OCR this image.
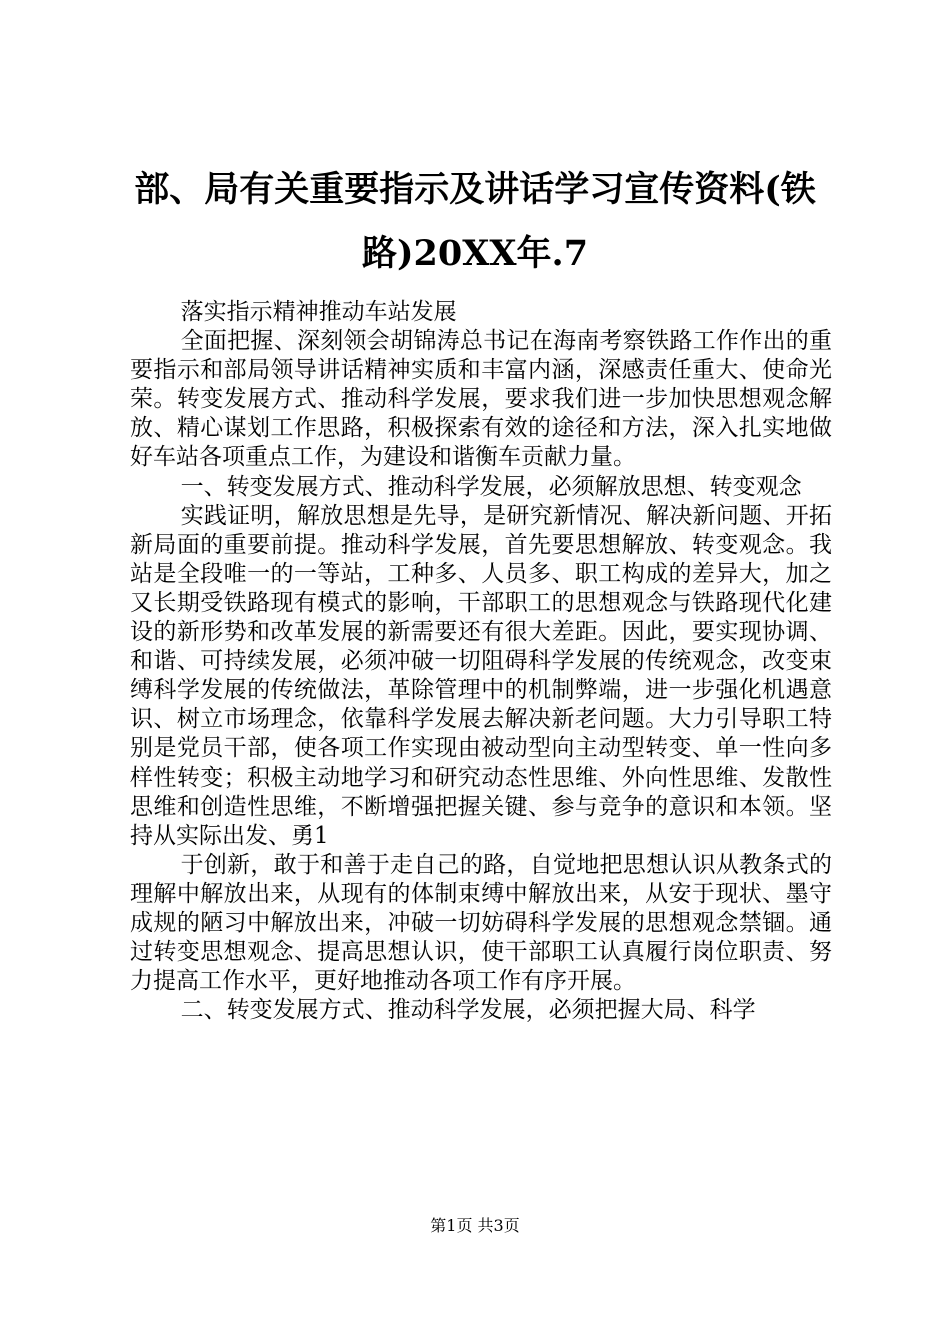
部、局有关重要指示及讲话学习宣传资料(铁路)20XX年.7

落实指示精神推动车站发展

全面把握、深刻领会胡锦涛总书记在海南考察铁路工作作出的重要指示和部局领导讲话精神实质和丰富内涵，深感责任重大、使命光荣。转变发展方式、推动科学发展，要求我们进一步加快思想观念解放、精心谋划工作思路，积极探索有效的途径和方法，深入扎实地做好车站各项重点工作，为建设和谐衡车贡献力量。

一、转变发展方式、推动科学发展，必须解放思想、转变观念

实践证明，解放思想是先导，是研究新情况、解决新问题、开拓新局面的重要前提。推动科学发展，首先要思想解放、转变观念。我站是全段唯一的一等站，工种多、人员多、职工构成的差异大，加之又长期受铁路现有模式的影响，干部职工的思想观念与铁路现代化建设的新形势和改革发展的新需要还有很大差距。因此，要实现协调、和谐、可持续发展，必须冲破一切阻碍科学发展的传统观念，改变束缚科学发展的传统做法，革除管理中的机制弊端，进一步强化机遇意识、树立市场理念，依靠科学发展去解决新老问题。大力引导职工特别是党员干部，使各项工作实现由被动型向主动型转变、单一性向多样性转变；积极主动地学习和研究动态性思维、外向性思维、发散性思维和创造性思维，不断增强把握关键、参与竞争的意识和本领。坚持从实际出发、勇1

于创新，敢于和善于走自己的路，自觉地把思想认识从教条式的理解中解放出来，从现有的体制束缚中解放出来，从安于现状、墨守成规的陋习中解放出来，冲破一切妨碍科学发展的思想观念禁锢。通过转变思想观念、提高思想认识，使干部职工认真履行岗位职责、努力提高工作水平，更好地推动各项工作有序开展。

二、转变发展方式、推动科学发展，必须把握大局、科学

第1页 共3页
